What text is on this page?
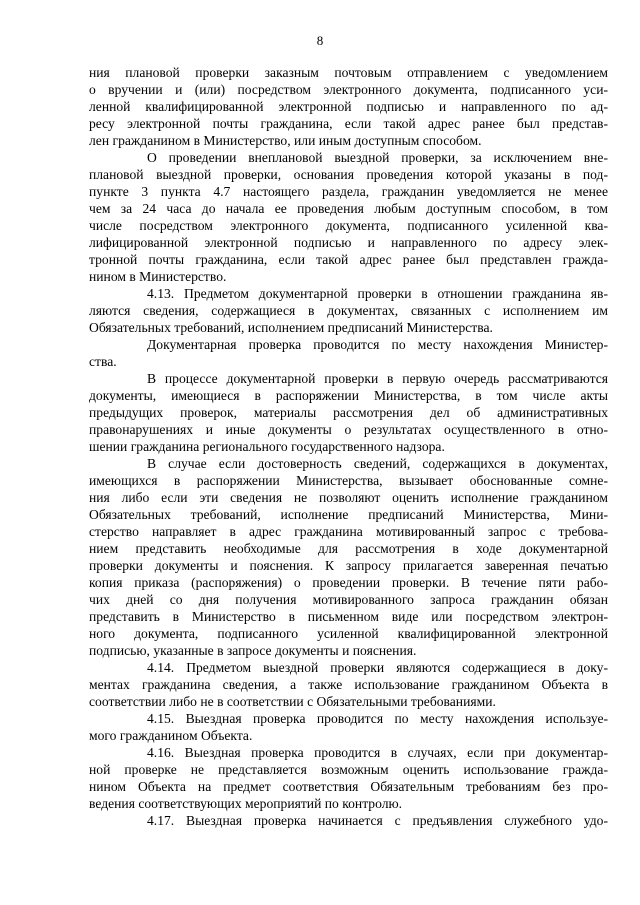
8
ния плановой проверки заказным почтовым отправлением с уведомлением
о вручении и (или) посредством электронного документа, подписанного уси-
ленной квалифицированной электронной подписью и направленного по ад-
ресу электронной почты гражданина, если такой адрес ранее был представ-
лен гражданином в Министерство, или иным доступным способом.
О проведении внеплановой выездной проверки, за исключением вне-
плановой выездной проверки, основания проведения которой указаны в под-
пункте 3 пункта 4.7 настоящего раздела, гражданин уведомляется не менее
чем за 24 часа до начала ее проведения любым доступным способом, в том
числе посредством электронного документа, подписанного усиленной ква-
лифицированной электронной подписью и направленного по адресу элек-
тронной почты гражданина, если такой адрес ранее был представлен гражда-
нином в Министерство.
4.13. Предметом документарной проверки в отношении гражданина яв-
ляются сведения, содержащиеся в документах, связанных с исполнением им
Обязательных требований, исполнением предписаний Министерства.
Документарная проверка проводится по месту нахождения Министер-
ства.
В процессе документарной проверки в первую очередь рассматриваются
документы, имеющиеся в распоряжении Министерства, в том числе акты
предыдущих проверок, материалы рассмотрения дел об административных
правонарушениях и иные документы о результатах осуществленного в отно-
шении гражданина регионального государственного надзора.
В случае если достоверность сведений, содержащихся в документах,
имеющихся в распоряжении Министерства, вызывает обоснованные сомне-
ния либо если эти сведения не позволяют оценить исполнение гражданином
Обязательных требований, исполнение предписаний Министерства, Мини-
стерство направляет в адрес гражданина мотивированный запрос с требова-
нием представить необходимые для рассмотрения в ходе документарной
проверки документы и пояснения. К запросу прилагается заверенная печатью
копия приказа (распоряжения) о проведении проверки. В течение пяти рабо-
чих дней со дня получения мотивированного запроса гражданин обязан
представить в Министерство в письменном виде или посредством электрон-
ного документа, подписанного усиленной квалифицированной электронной
подписью, указанные в запросе документы и пояснения.
4.14. Предметом выездной проверки являются содержащиеся в доку-
ментах гражданина сведения, а также использование гражданином Объекта в
соответствии либо не в соответствии с Обязательными требованиями.
4.15. Выездная проверка проводится по месту нахождения используе-
мого гражданином Объекта.
4.16. Выездная проверка проводится в случаях, если при документар-
ной проверке не представляется возможным оценить использование гражда-
нином Объекта на предмет соответствия Обязательным требованиям без про-
ведения соответствующих мероприятий по контролю.
4.17. Выездная проверка начинается с предъявления служебного удо-
